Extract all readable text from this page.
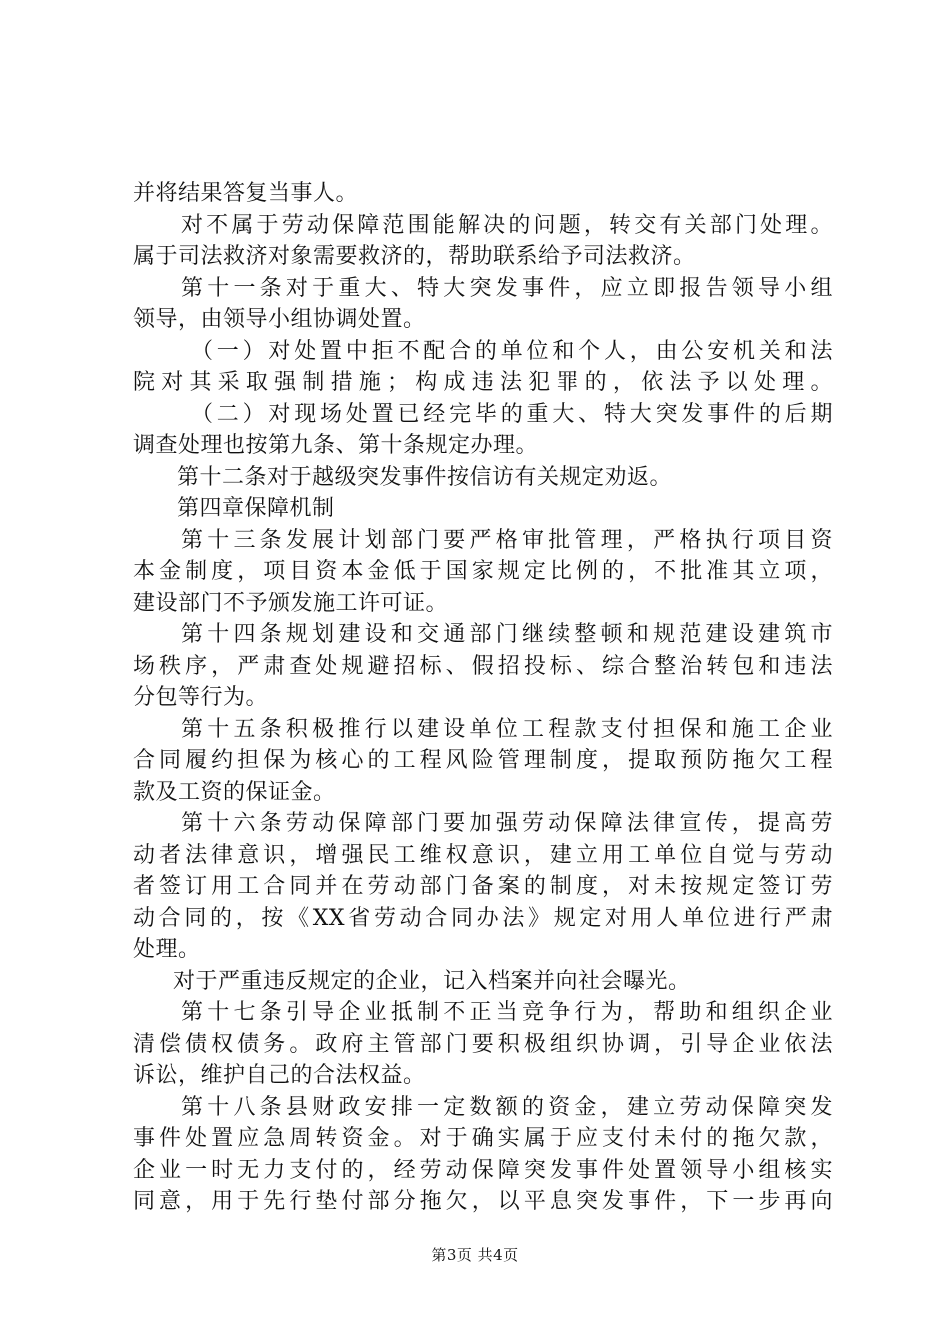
并将结果答复当事人。
对不属于劳动保障范围能解决的问题，转交有关部门处理。
属于司法救济对象需要救济的，帮助联系给予司法救济。
第十一条对于重大、特大突发事件，应立即报告领导小组
领导，由领导小组协调处置。
（一）对处置中拒不配合的单位和个人，由公安机关和法
院对其采取强制措施；构成违法犯罪的，依法予以处理。
（二）对现场处置已经完毕的重大、特大突发事件的后期
调查处理也按第九条、第十条规定办理。
第十二条对于越级突发事件按信访有关规定劝返。
第四章保障机制
第十三条发展计划部门要严格审批管理，严格执行项目资
本金制度，项目资本金低于国家规定比例的，不批准其立项，
建设部门不予颁发施工许可证。
第十四条规划建设和交通部门继续整顿和规范建设建筑市
场秩序，严肃查处规避招标、假招投标、综合整治转包和违法
分包等行为。
第十五条积极推行以建设单位工程款支付担保和施工企业
合同履约担保为核心的工程风险管理制度，提取预防拖欠工程
款及工资的保证金。
第十六条劳动保障部门要加强劳动保障法律宣传，提高劳
动者法律意识，增强民工维权意识，建立用工单位自觉与劳动
者签订用工合同并在劳动部门备案的制度，对未按规定签订劳
动合同的，按《XX省劳动合同办法》规定对用人单位进行严肃
处理。
对于严重违反规定的企业，记入档案并向社会曝光。
第十七条引导企业抵制不正当竞争行为，帮助和组织企业
清偿债权债务。政府主管部门要积极组织协调，引导企业依法
诉讼，维护自己的合法权益。
第十八条县财政安排一定数额的资金，建立劳动保障突发
事件处置应急周转资金。对于确实属于应支付未付的拖欠款，
企业一时无力支付的，经劳动保障突发事件处置领导小组核实
同意，用于先行垫付部分拖欠，以平息突发事件，下一步再向
第3页 共4页
